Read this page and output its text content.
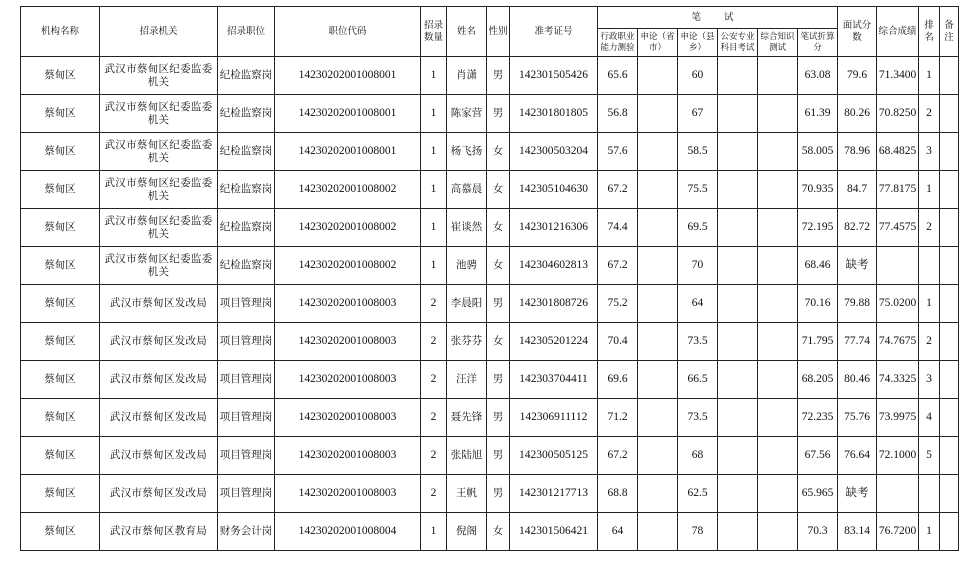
机构名称	招录机关	招录职位	职位代码	招录数量	姓名	性别	准考证号	笔 试						面试分数	综合成绩	排名	备注
								行政职业能力测验	申论（省市）	申论（县乡）	公安专业科目考试	综合知识测试	笔试折算分				
蔡甸区	武汉市蔡甸区纪委监委机关	纪检监察岗	14230202001008001	1	肖潇	男	142301505426	65.6		60			63.08	79.6	71.3400	1	
蔡甸区	武汉市蔡甸区纪委监委机关	纪检监察岗	14230202001008001	1	陈家营	男	142301801805	56.8		67			61.39	80.26	70.8250	2	
蔡甸区	武汉市蔡甸区纪委监委机关	纪检监察岗	14230202001008001	1	杨飞扬	女	142300503204	57.6		58.5			58.005	78.96	68.4825	3	
蔡甸区	武汉市蔡甸区纪委监委机关	纪检监察岗	14230202001008002	1	高慕晨	女	142305104630	67.2		75.5			70.935	84.7	77.8175	1	
蔡甸区	武汉市蔡甸区纪委监委机关	纪检监察岗	14230202001008002	1	崔谈然	女	142301216306	74.4		69.5			72.195	82.72	77.4575	2	
蔡甸区	武汉市蔡甸区纪委监委机关	纪检监察岗	14230202001008002	1	池骋	女	142304602813	67.2		70			68.46	缺考			
蔡甸区	武汉市蔡甸区发改局	项目管理岗	14230202001008003	2	李晨阳	男	142301808726	75.2		64			70.16	79.88	75.0200	1	
蔡甸区	武汉市蔡甸区发改局	项目管理岗	14230202001008003	2	张芬芬	女	142305201224	70.4		73.5			71.795	77.74	74.7675	2	
蔡甸区	武汉市蔡甸区发改局	项目管理岗	14230202001008003	2	汪洋	男	142303704411	69.6		66.5			68.205	80.46	74.3325	3	
蔡甸区	武汉市蔡甸区发改局	项目管理岗	14230202001008003	2	聂先锋	男	142306911112	71.2		73.5			72.235	75.76	73.9975	4	
蔡甸区	武汉市蔡甸区发改局	项目管理岗	14230202001008003	2	张陆旭	男	142300505125	67.2		68			67.56	76.64	72.1000	5	
蔡甸区	武汉市蔡甸区发改局	项目管理岗	14230202001008003	2	王帆	男	142301217713	68.8		62.5			65.965	缺考			
蔡甸区	武汉市蔡甸区教育局	财务会计岗	14230202001008004	1	倪阁	女	142301506421	64		78			70.3	83.14	76.7200	1	
